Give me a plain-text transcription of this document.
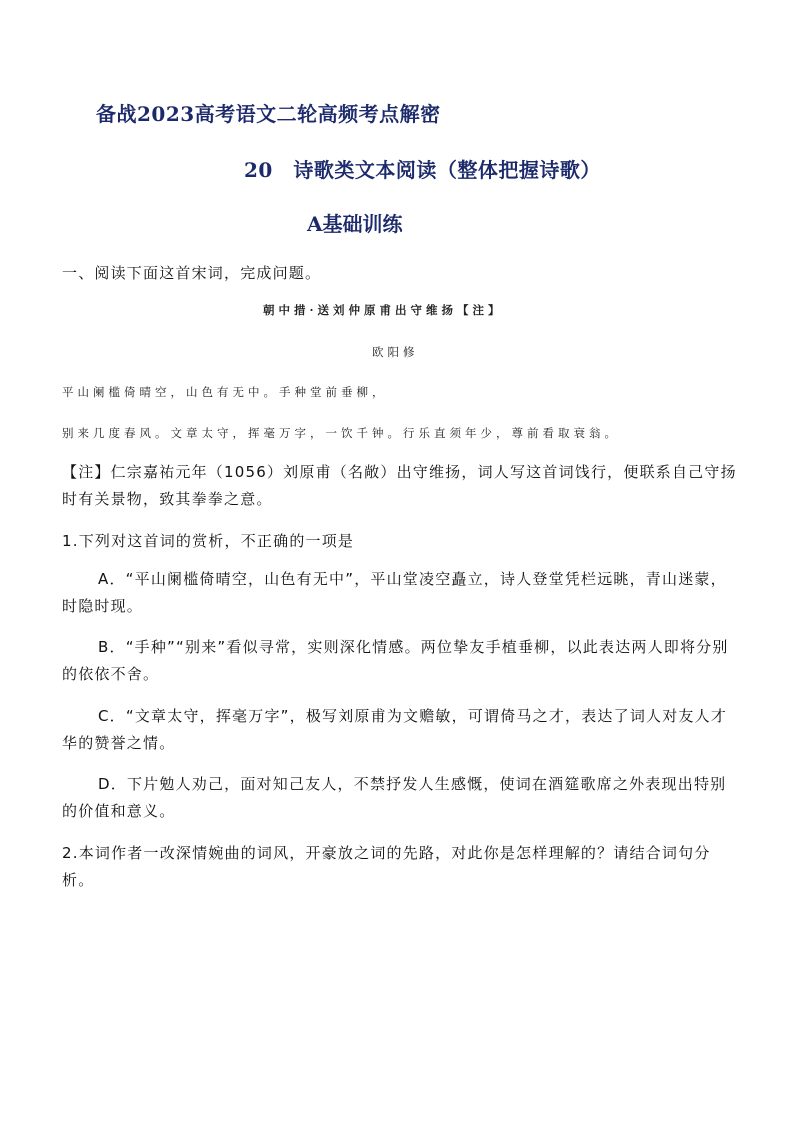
备战2023高考语文二轮高频考点解密
20　诗歌类文本阅读（整体把握诗歌）
A基础训练

一、阅读下面这首宋词，完成问题。

朝中措·送刘仲原甫出守维扬【注】

欧阳修

平山阑槛倚晴空，山色有无中。手种堂前垂柳，

别来几度春风。文章太守，挥毫万字，一饮千钟。行乐直须年少，尊前看取衰翁。

【注】仁宗嘉祐元年（1056）刘原甫（名敞）出守维扬，词人写这首词饯行，便联系自己守扬时有关景物，致其拳拳之意。

1.下列对这首词的赏析，不正确的一项是

A．“平山阑槛倚晴空，山色有无中”，平山堂凌空矗立，诗人登堂凭栏远眺，青山迷蒙，时隐时现。

B．“手种”“别来”看似寻常，实则深化情感。两位挚友手植垂柳，以此表达两人即将分别的依依不舍。

C．“文章太守，挥毫万字”，极写刘原甫为文赡敏，可谓倚马之才，表达了词人对友人才华的赞誉之情。

D．下片勉人劝己，面对知己友人，不禁抒发人生感慨，使词在酒筵歌席之外表现出特别的价值和意义。

2.本词作者一改深情婉曲的词风，开豪放之词的先路，对此你是怎样理解的？请结合词句分析。
